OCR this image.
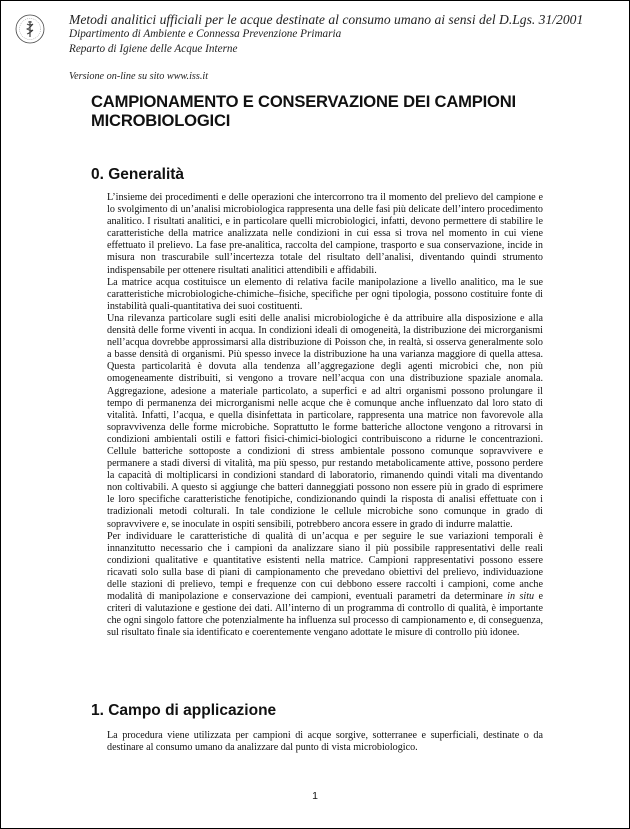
Metodi analitici ufficiali per le acque destinate al consumo umano ai sensi del D.Lgs. 31/2001
Dipartimento di Ambiente e Connessa Prevenzione Primaria
Reparto di Igiene delle Acque Interne
Versione on-line su sito www.iss.it
CAMPIONAMENTO E CONSERVAZIONE DEI CAMPIONI MICROBIOLOGICI
0. Generalità

L’insieme dei procedimenti e delle operazioni che intercorrono tra il momento del prelievo del campione e lo svolgimento di un’analisi microbiologica rappresenta una delle fasi più delicate dell’intero procedimento analitico. I risultati analitici, e in particolare quelli microbiologici, infatti, devono permettere di stabilire le caratteristiche della matrice analizzata nelle condizioni in cui essa si trova nel momento in cui viene effettuato il prelievo. La fase pre-analitica, raccolta del campione, trasporto e sua conservazione, incide in misura non trascurabile sull’incertezza totale del risultato dell’analisi, diventando quindi strumento indispensabile per ottenere risultati analitici attendibili e affidabili.

La matrice acqua costituisce un elemento di relativa facile manipolazione a livello analitico, ma le sue caratteristiche microbiologiche-chimiche–fisiche, specifiche per ogni tipologia, possono costituire fonte di instabilità quali-quantitativa dei suoi costituenti.

Una rilevanza particolare sugli esiti delle analisi microbiologiche è da attribuire alla disposizione e alla densità delle forme viventi in acqua. In condizioni ideali di omogeneità, la distribuzione dei microrganismi nell’acqua dovrebbe approssimarsi alla distribuzione di Poisson che, in realtà, si osserva generalmente solo a basse densità di organismi. Più spesso invece la distribuzione ha una varianza maggiore di quella attesa. Questa particolarità è dovuta alla tendenza all’aggregazione degli agenti microbici che, non più omogeneamente distribuiti, si vengono a trovare nell’acqua con una distribuzione spaziale anomala. Aggregazione, adesione a materiale particolato, a superfici e ad altri organismi possono prolungare il tempo di permanenza dei microrganismi nelle acque che è comunque anche influenzato dal loro stato di vitalità. Infatti, l’acqua, e quella disinfettata in particolare, rappresenta una matrice non favorevole alla sopravvivenza delle forme microbiche. Soprattutto le forme batteriche alloctone vengono a ritrovarsi in condizioni ambientali ostili e fattori fisici-chimici-biologici contribuiscono a ridurne le concentrazioni. Cellule batteriche sottoposte a condizioni di stress ambientale possono comunque sopravvivere e permanere a stadi diversi di vitalità, ma più spesso, pur restando metabolicamente attive, possono perdere la capacità di moltiplicarsi in condizioni standard di laboratorio, rimanendo quindi vitali ma diventando non coltivabili. A questo si aggiunge che batteri danneggiati possono non essere più in grado di esprimere le loro specifiche caratteristiche fenotipiche, condizionando quindi la risposta di analisi effettuate con i tradizionali metodi colturali. In tale condizione le cellule microbiche sono comunque in grado di sopravvivere e, se inoculate in ospiti sensibili, potrebbero ancora essere in grado di indurre malattie.

Per individuare le caratteristiche di qualità di un’acqua e per seguire le sue variazioni temporali è innanzitutto necessario che i campioni da analizzare siano il più possibile rappresentativi delle reali condizioni qualitative e quantitative esistenti nella matrice. Campioni rappresentativi possono essere ricavati solo sulla base di piani di campionamento che prevedano obiettivi del prelievo, individuazione delle stazioni di prelievo, tempi e frequenze con cui debbono essere raccolti i campioni, come anche modalità di manipolazione e conservazione dei campioni, eventuali parametri da determinare in situ e criteri di valutazione e gestione dei dati. All’interno di un programma di controllo di qualità, è importante che ogni singolo fattore che potenzialmente ha influenza sul processo di campionamento e, di conseguenza, sul risultato finale sia identificato e coerentemente vengano adottate le misure di controllo più idonee.

1. Campo di applicazione

La procedura viene utilizzata per campioni di acque sorgive, sotterranee e superficiali, destinate o da destinare al consumo umano da analizzare dal punto di vista microbiologico.

1
